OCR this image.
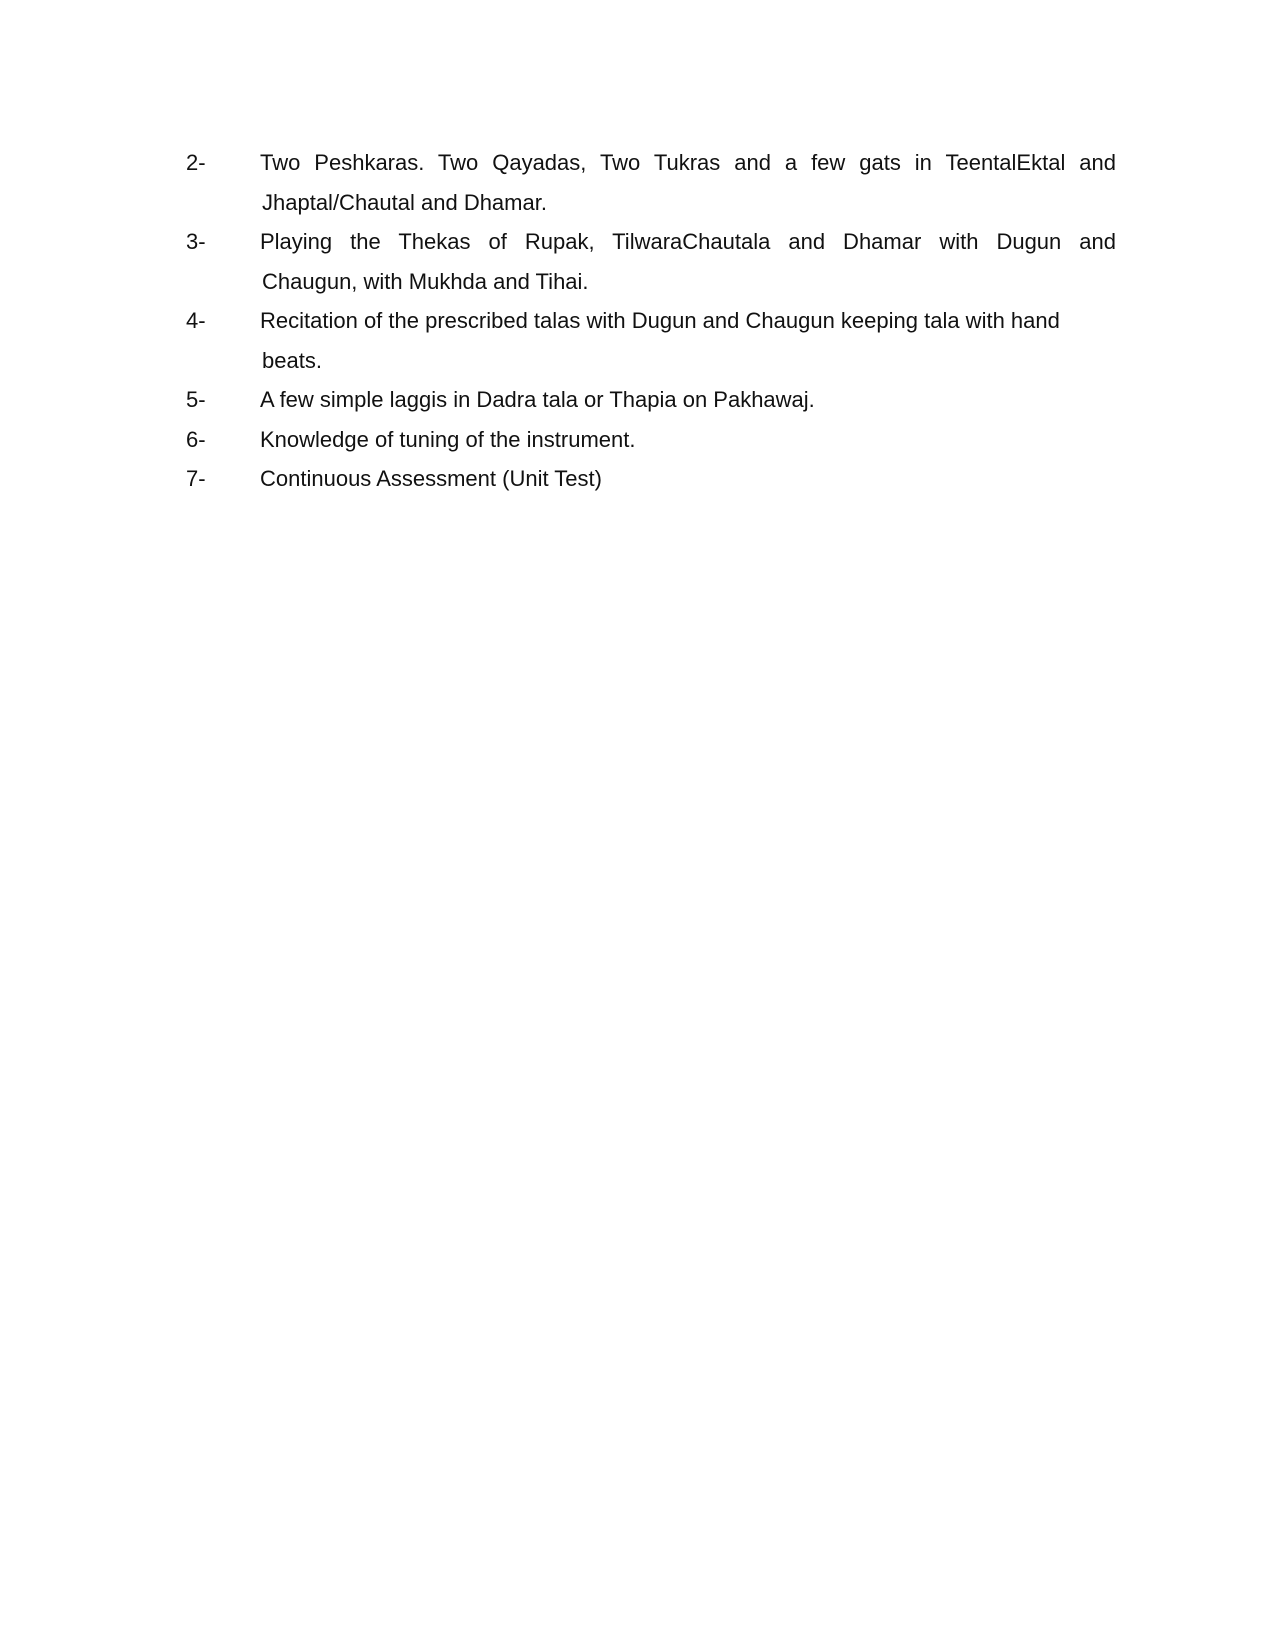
2-	Two Peshkaras. Two Qayadas, Two Tukras and a few gats in TeentalEktal and
Jhaptal/Chautal and Dhamar.
3-	Playing the Thekas of Rupak, TilwaraChautala and Dhamar with Dugun and
Chaugun, with Mukhda and Tihai.
4-	Recitation of the prescribed talas with Dugun and Chaugun keeping tala with hand
beats.
5-	A few simple laggis in Dadra tala or Thapia on Pakhawaj.
6-	Knowledge of tuning of the instrument.
7-	Continuous Assessment (Unit Test)
